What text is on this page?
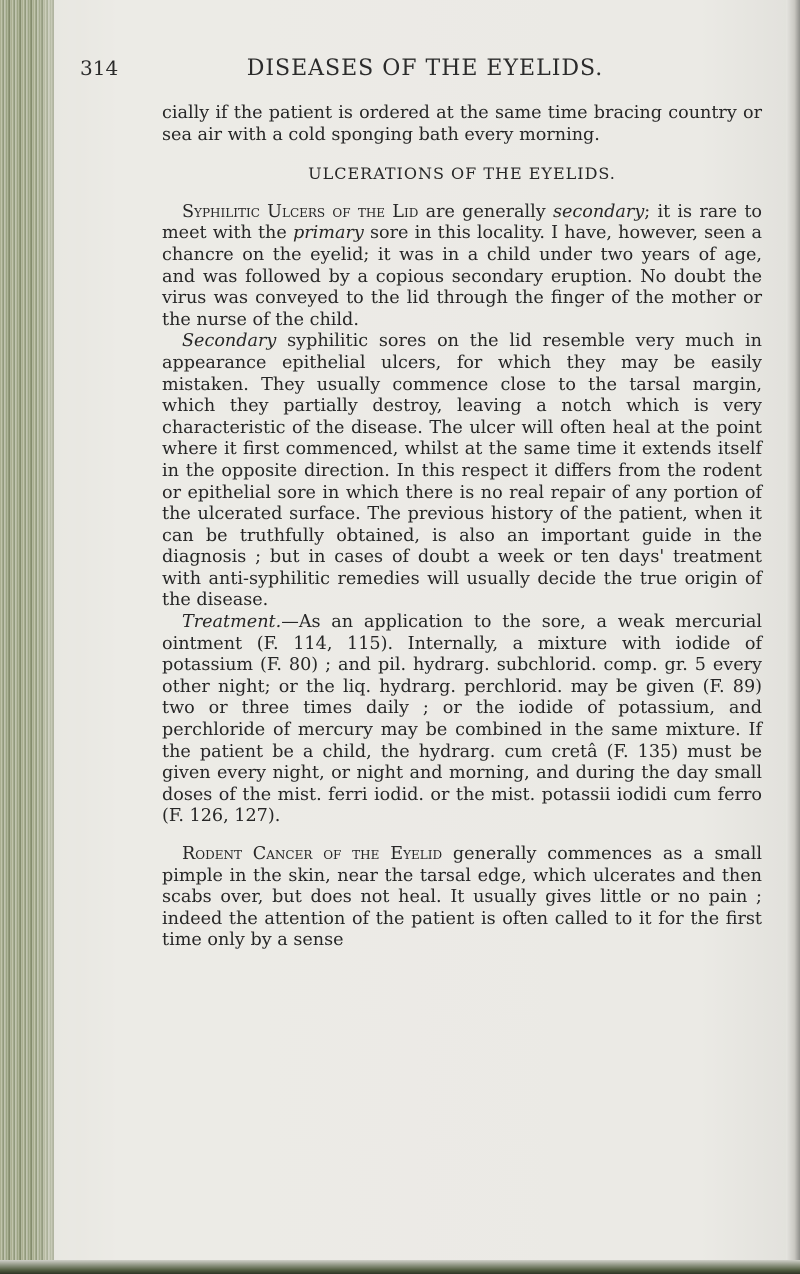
314	DISEASES OF THE EYELIDS.

cially if the patient is ordered at the same time bracing country or sea air with a cold sponging bath every morning.

ULCERATIONS OF THE EYELIDS.

Syphilitic Ulcers of the Lid are generally secondary; it is rare to meet with the primary sore in this locality. I have, however, seen a chancre on the eyelid; it was in a child under two years of age, and was followed by a copious secondary eruption. No doubt the virus was conveyed to the lid through the finger of the mother or the nurse of the child.

Secondary syphilitic sores on the lid resemble very much in appearance epithelial ulcers, for which they may be easily mistaken. They usually commence close to the tarsal margin, which they partially destroy, leaving a notch which is very characteristic of the disease. The ulcer will often heal at the point where it first commenced, whilst at the same time it extends itself in the opposite direction. In this respect it differs from the rodent or epithelial sore in which there is no real repair of any portion of the ulcerated surface. The previous history of the patient, when it can be truthfully obtained, is also an important guide in the diagnosis ; but in cases of doubt a week or ten days' treatment with anti-syphilitic remedies will usually decide the true origin of the disease.

Treatment.—As an application to the sore, a weak mercurial ointment (F. 114, 115). Internally, a mixture with iodide of potassium (F. 80) ; and pil. hydrarg. subchlorid. comp. gr. 5 every other night; or the liq. hydrarg. perchlorid. may be given (F. 89) two or three times daily ; or the iodide of potassium, and perchloride of mercury may be combined in the same mixture. If the patient be a child, the hydrarg. cum cretâ (F. 135) must be given every night, or night and morning, and during the day small doses of the mist. ferri iodid. or the mist. potassii iodidi cum ferro (F. 126, 127).

Rodent Cancer of the Eyelid generally commences as a small pimple in the skin, near the tarsal edge, which ulcerates and then scabs over, but does not heal. It usually gives little or no pain ; indeed the attention of the patient is often called to it for the first time only by a sense
